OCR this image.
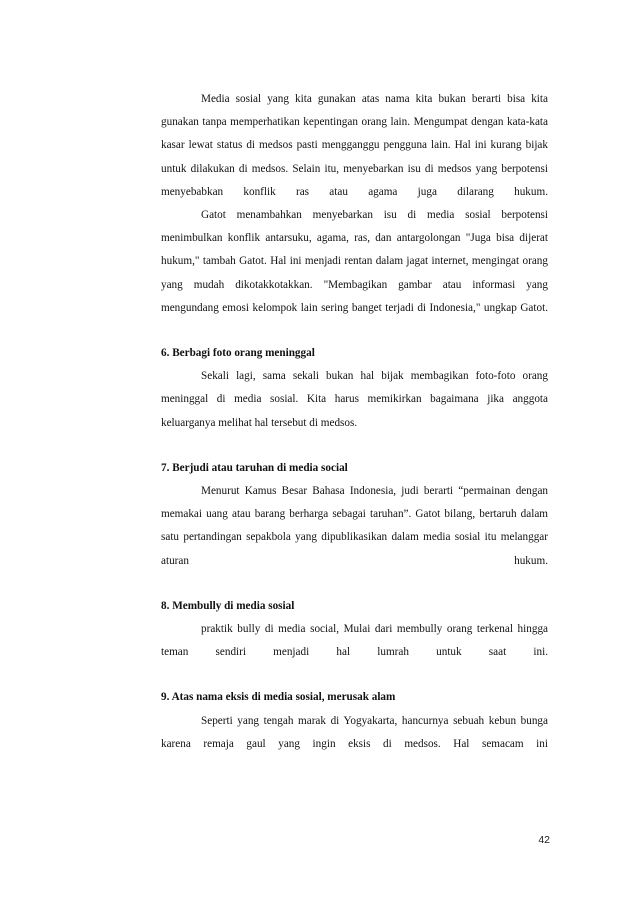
Media sosial yang kita gunakan atas nama kita bukan berarti bisa kita gunakan tanpa memperhatikan kepentingan orang lain. Mengumpat dengan kata-kata kasar lewat status di medsos pasti mengganggu pengguna lain. Hal ini kurang bijak untuk dilakukan di medsos. Selain itu, menyebarkan isu di medsos yang berpotensi menyebabkan konflik ras atau agama juga dilarang hukum.

Gatot menambahkan menyebarkan isu di media sosial berpotensi menimbulkan konflik antarsuku, agama, ras, dan antargolongan "Juga bisa dijerat hukum," tambah Gatot. Hal ini menjadi rentan dalam jagat internet, mengingat orang yang mudah dikotakkotakkan. "Membagikan gambar atau informasi yang mengundang emosi kelompok lain sering banget terjadi di Indonesia," ungkap Gatot.

6. Berbagi foto orang meninggal

Sekali lagi, sama sekali bukan hal bijak membagikan foto-foto orang meninggal di media sosial. Kita harus memikirkan bagaimana jika anggota keluarganya melihat hal tersebut di medsos.

7. Berjudi atau taruhan di media social

Menurut Kamus Besar Bahasa Indonesia, judi berarti “permainan dengan memakai uang atau barang berharga sebagai taruhan”. Gatot bilang, bertaruh dalam satu pertandingan sepakbola yang dipublikasikan dalam media sosial itu melanggar aturan hukum.

8. Membully di media sosial

praktik bully di media social, Mulai dari membully orang terkenal hingga teman sendiri menjadi hal lumrah untuk saat ini.

9. Atas nama eksis di media sosial, merusak alam

Seperti yang tengah marak di Yogyakarta, hancurnya sebuah kebun bunga karena remaja gaul yang ingin eksis di medsos. Hal semacam ini

42
